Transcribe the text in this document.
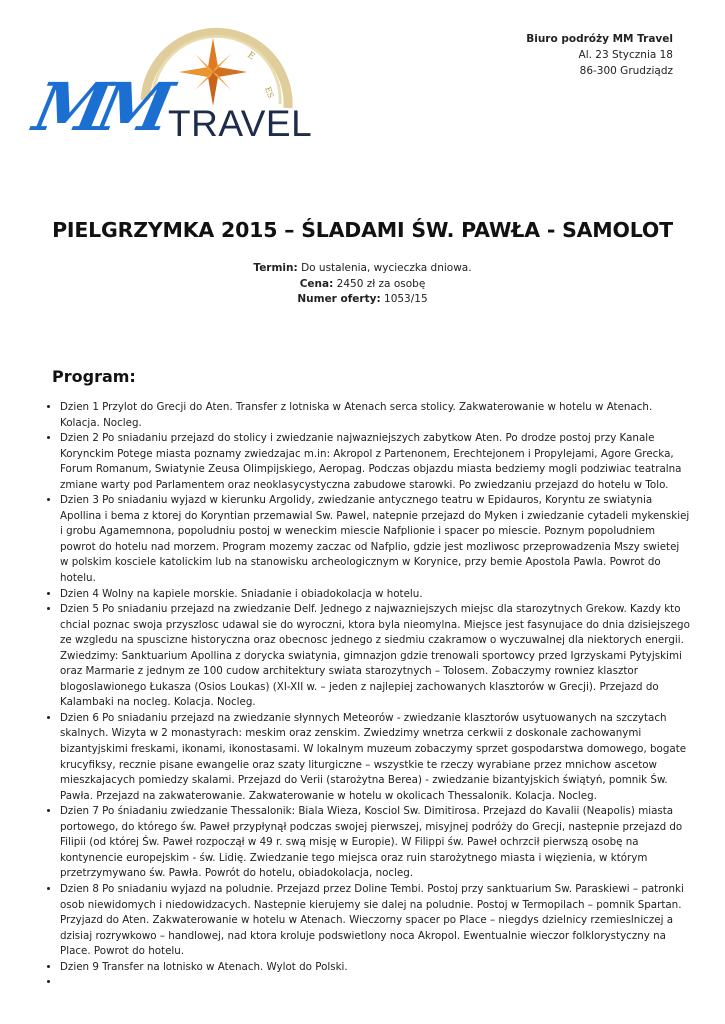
E
ES
MM
TRAVEL
Biuro podróży MM Travel
Al. 23 Stycznia 18
86-300 Grudziądz
PIELGRZYMKA 2015 – ŚLADAMI ŚW. PAWŁA - SAMOLOT
Termin: Do ustalenia, wycieczka dniowa.
Cena: 2450 zł za osobę
Numer oferty: 1053/15
Program:
• Dzien 1 Przylot do Grecji do Aten. Transfer z lotniska w Atenach serca stolicy. Zakwaterowanie w hotelu w Atenach. Kolacja. Nocleg.
• Dzien 2 Po sniadaniu przejazd do stolicy i zwiedzanie najwazniejszych zabytkow Aten. Po drodze postoj przy Kanale Korynckim Potege miasta poznamy zwiedzajac m.in: Akropol z Partenonem, Erechtejonem i Propylejami, Agore Grecka, Forum Romanum, Swiatynie Zeusa Olimpijskiego, Aeropag. Podczas objazdu miasta bedziemy mogli podziwiac teatralna zmiane warty pod Parlamentem oraz neoklasycystyczna zabudowe starowki. Po zwiedzaniu przejazd do hotelu w Tolo.
• Dzien 3 Po sniadaniu wyjazd w kierunku Argolidy, zwiedzanie antycznego teatru w Epidauros, Koryntu ze swiatynia Apollina i bema z ktorej do Koryntian przemawial Sw. Pawel, natepnie przejazd do Myken i zwiedzanie cytadeli mykenskiej i grobu Agamemnona, popoludniu postoj w weneckim miescie Nafplionie i spacer po miescie. Poznym popoludniem powrot do hotelu nad morzem. Program mozemy zaczac od Nafplio, gdzie jest mozliwosc przeprowadzenia Mszy swietej w polskim kosciele katolickim lub na stanowisku archeologicznym w Korynice, przy bemie Apostola Pawla. Powrot do hotelu.
• Dzien 4 Wolny na kapiele morskie. Sniadanie i obiadokolacja w hotelu.
• Dzien 5 Po sniadaniu przejazd na zwiedzanie Delf. Jednego z najwazniejszych miejsc dla starozytnych Grekow. Kazdy kto chcial poznac swoja przyszlosc udawal sie do wyroczni, ktora byla nieomylna. Miejsce jest fasynujace do dnia dzisiejszego ze wzgledu na spuscizne historyczna oraz obecnosc jednego z siedmiu czakramow o wyczuwalnej dla niektorych energii. Zwiedzimy: Sanktuarium Apollina z dorycka swiatynia, gimnazjon gdzie trenowali sportowcy przed Igrzyskami Pytyjskimi oraz Marmarie z jednym ze 100 cudow architektury swiata starozytnych – Tolosem. Zobaczymy rowniez klasztor blogoslawionego Łukasza (Osios Loukas) (XI-XII w. – jeden z najlepiej zachowanych klasztorów w Grecji). Przejazd do Kalambaki na nocleg. Kolacja. Nocleg.
• Dzien 6 Po sniadaniu przejazd na zwiedzanie słynnych Meteorów - zwiedzanie klasztorów usytuowanych na szczytach skalnych. Wizyta w 2 monastyrach: meskim oraz zenskim. Zwiedzimy wnetrza cerkwii z doskonale zachowanymi bizantyjskimi freskami, ikonami, ikonostasami. W lokalnym muzeum zobaczymy sprzet gospodarstwa domowego, bogate krucyfiksy, recznie pisane ewangelie oraz szaty liturgiczne – wszystkie te rzeczy wyrabiane przez mnichow ascetow mieszkajacych pomiedzy skalami. Przejazd do Verii (starożytna Berea) - zwiedzanie bizantyjskich świątyń, pomnik Św. Pawła. Przejazd na zakwaterowanie. Zakwaterowanie w hotelu w okolicach Thessalonik. Kolacja. Nocleg.
• Dzien 7 Po śniadaniu zwiedzanie Thessalonik: Biala Wieza, Kosciol Sw. Dimitirosa. Przejazd do Kavalii (Neapolis) miasta portowego, do którego św. Paweł przypłynął podczas swojej pierwszej, misyjnej podróży do Grecji, nastepnie przejazd do Filipii (od której Św. Paweł rozpoczął w 49 r. swą misję w Europie). W Filippi św. Paweł ochrzcił pierwszą osobę na kontynencie europejskim - św. Lidię. Zwiedzanie tego miejsca oraz ruin starożytnego miasta i więzienia, w którym przetrzymywano św. Pawła. Powrót do hotelu, obiadokolacja, nocleg.
• Dzien 8 Po sniadaniu wyjazd na poludnie. Przejazd przez Doline Tembi. Postoj przy sanktuarium Sw. Paraskiewi – patronki osob niewidomych i niedowidzacych. Nastepnie kierujemy sie dalej na poludnie. Postoj w Termopilach – pomnik Spartan. Przyjazd do Aten. Zakwaterowanie w hotelu w Atenach. Wieczorny spacer po Place – niegdys dzielnicy rzemieslniczej a dzisiaj rozrywkowo – handlowej, nad ktora kroluje podswietlony noca Akropol. Ewentualnie wieczor folklorystyczny na Place. Powrot do hotelu.
• Dzien 9 Transfer na lotnisko w Atenach. Wylot do Polski.
•
